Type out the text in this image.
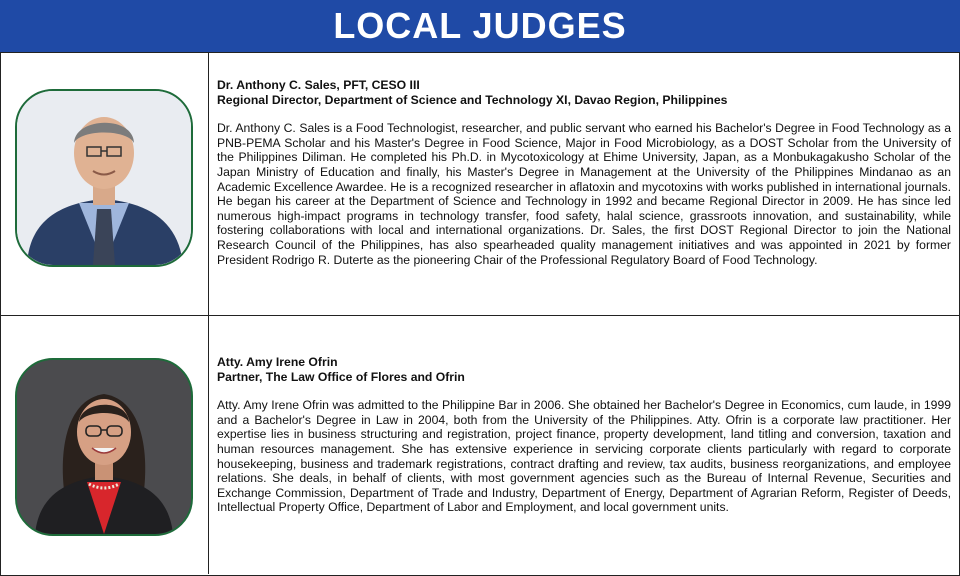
LOCAL JUDGES
Dr. Anthony C. Sales, PFT, CESO III
Regional Director, Department of Science and Technology XI, Davao Region, Philippines
Dr. Anthony C. Sales is a Food Technologist, researcher, and public servant who earned his Bachelor's Degree in Food Technology as a PNB-PEMA Scholar and his Master's Degree in Food Science, Major in Food Microbiology, as a DOST Scholar from the University of the Philippines Diliman. He completed his Ph.D. in Mycotoxicology at Ehime University, Japan, as a Monbukagakusho Scholar of the Japan Ministry of Education and finally, his Master's Degree in Management at the University of the Philippines Mindanao as an Academic Excellence Awardee. He is a recognized researcher in aflatoxin and mycotoxins with works published in international journals. He began his career at the Department of Science and Technology in 1992 and became Regional Director in 2009. He has since led numerous high-impact programs in technology transfer, food safety, halal science, grassroots innovation, and sustainability, while fostering collaborations with local and international organizations. Dr. Sales, the first DOST Regional Director to join the National Research Council of the Philippines, has also spearheaded quality management initiatives and was appointed in 2021 by former President Rodrigo R. Duterte as the pioneering Chair of the Professional Regulatory Board of Food Technology.
Atty. Amy Irene Ofrin
Partner, The Law Office of Flores and Ofrin
Atty. Amy Irene Ofrin was admitted to the Philippine Bar in 2006. She obtained her Bachelor's Degree in Economics, cum laude, in 1999 and a Bachelor's Degree in Law in 2004, both from the University of the Philippines. Atty. Ofrin is a corporate law practitioner. Her expertise lies in business structuring and registration, project finance, property development, land titling and conversion, taxation and human resources management. She has extensive experience in servicing corporate clients particularly with regard to corporate housekeeping, business and trademark registrations, contract drafting and review, tax audits, business reorganizations, and employee relations. She deals, in behalf of clients, with most government agencies such as the Bureau of Internal Revenue, Securities and Exchange Commission, Department of Trade and Industry, Department of Energy, Department of Agrarian Reform, Register of Deeds, Intellectual Property Office, Department of Labor and Employment, and local government units.
